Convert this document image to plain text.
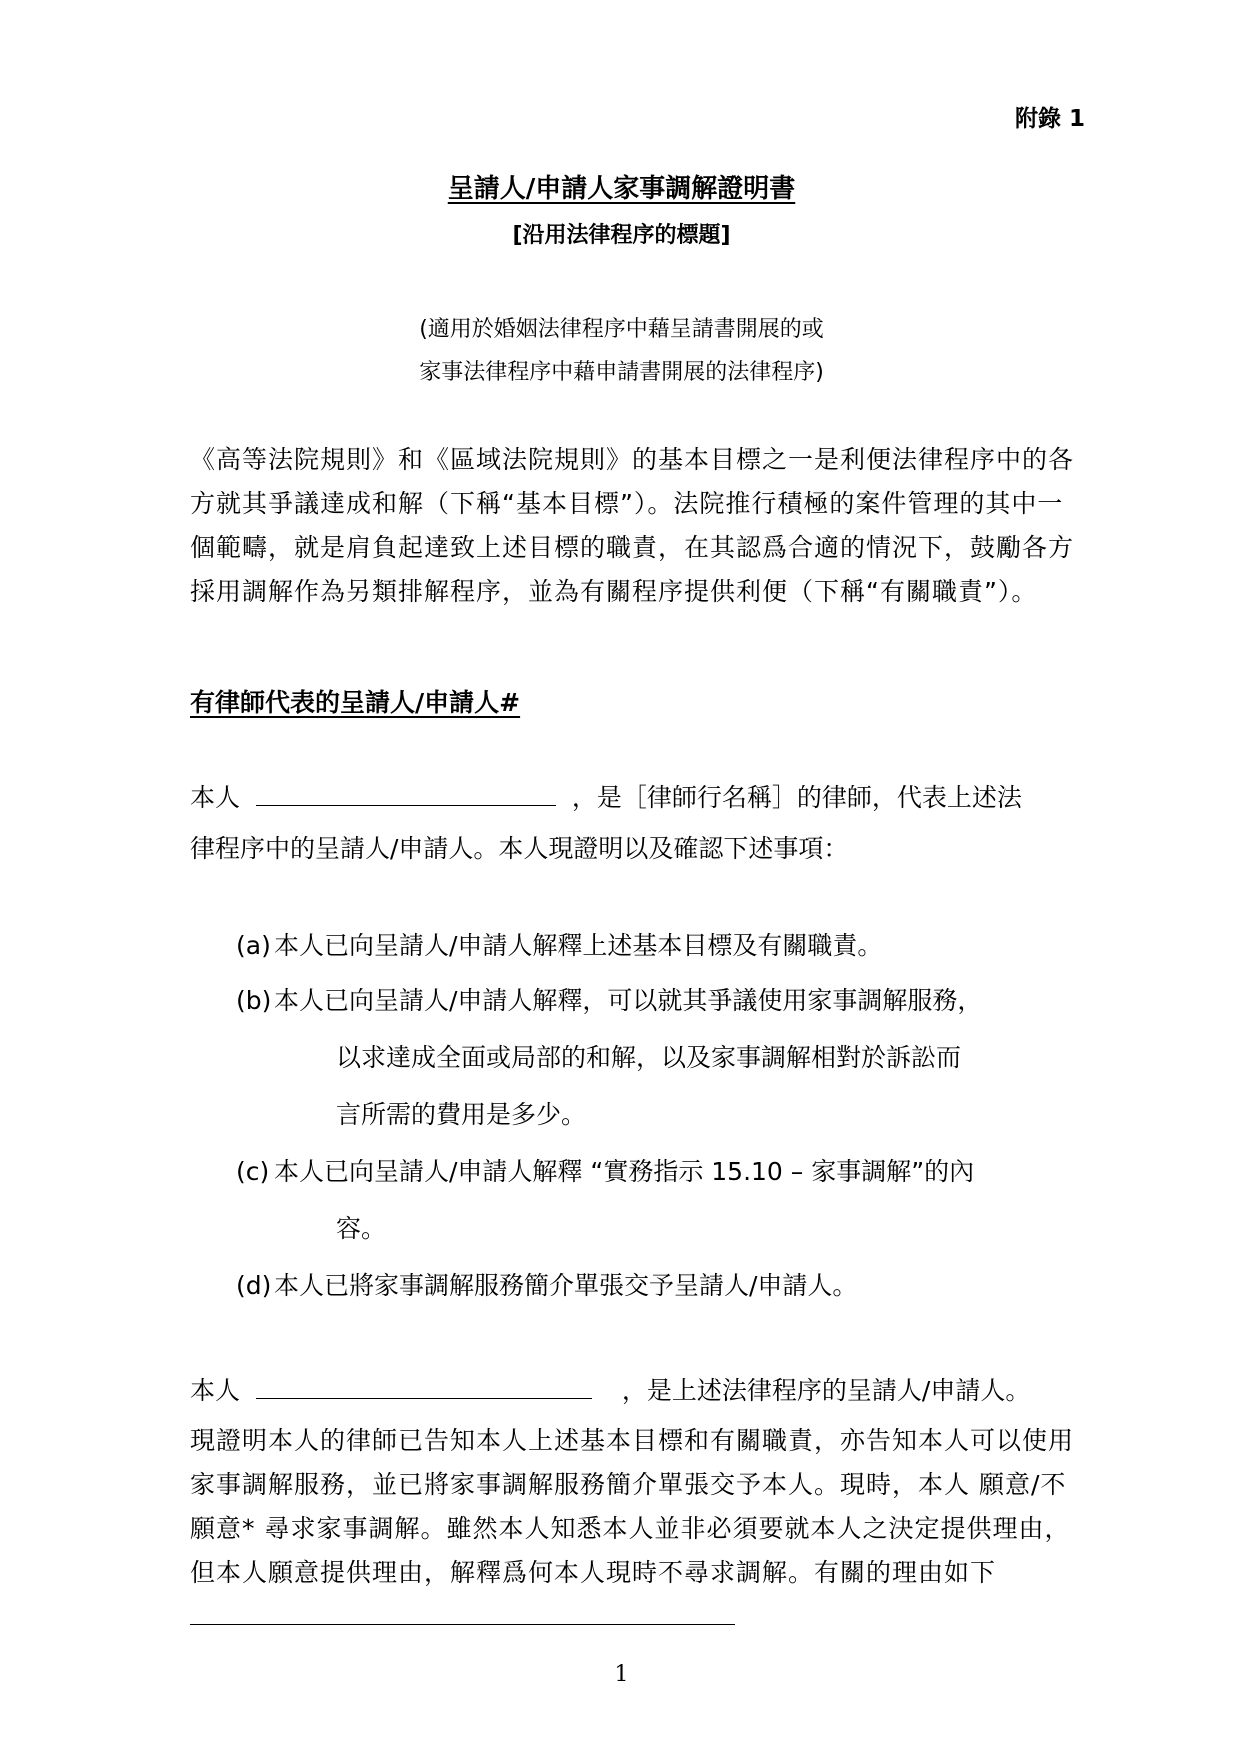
附錄 1
呈請人/申請人家事調解證明書
[沿用法律程序的標題]
(適用於婚姻法律程序中藉呈請書開展的或
家事法律程序中藉申請書開展的法律程序)
《高等法院規則》和《區域法院規則》的基本目標之一是利便法律程序中的各方就其爭議達成和解（下稱“基本目標”）。法院推行積極的案件管理的其中一個範疇，就是肩負起達致上述目標的職責，在其認爲合適的情況下，鼓勵各方採用調解作為另類排解程序，並為有關程序提供利便（下稱“有關職責”）。
有律師代表的呈請人/申請人#
本人	，是［律師行名稱］的律師，代表上述法
律程序中的呈請人/申請人。本人現證明以及確認下述事項：
(a) 本人已向呈請人/申請人解釋上述基本目標及有關職責。
(b) 本人已向呈請人/申請人解釋，可以就其爭議使用家事調解服務，
以求達成全面或局部的和解，以及家事調解相對於訴訟而
言所需的費用是多少。
(c) 本人已向呈請人/申請人解釋 “實務指示 15.10 – 家事調解”的內
容。
(d) 本人已將家事調解服務簡介單張交予呈請人/申請人。
本人	，是上述法律程序的呈請人/申請人。
現證明本人的律師已告知本人上述基本目標和有關職責，亦告知本人可以使用家事調解服務，並已將家事調解服務簡介單張交予本人。現時，本人 願意/不願意* 尋求家事調解。雖然本人知悉本人並非必須要就本人之決定提供理由，但本人願意提供理由，解釋爲何本人現時不尋求調解。有關的理由如下
1
